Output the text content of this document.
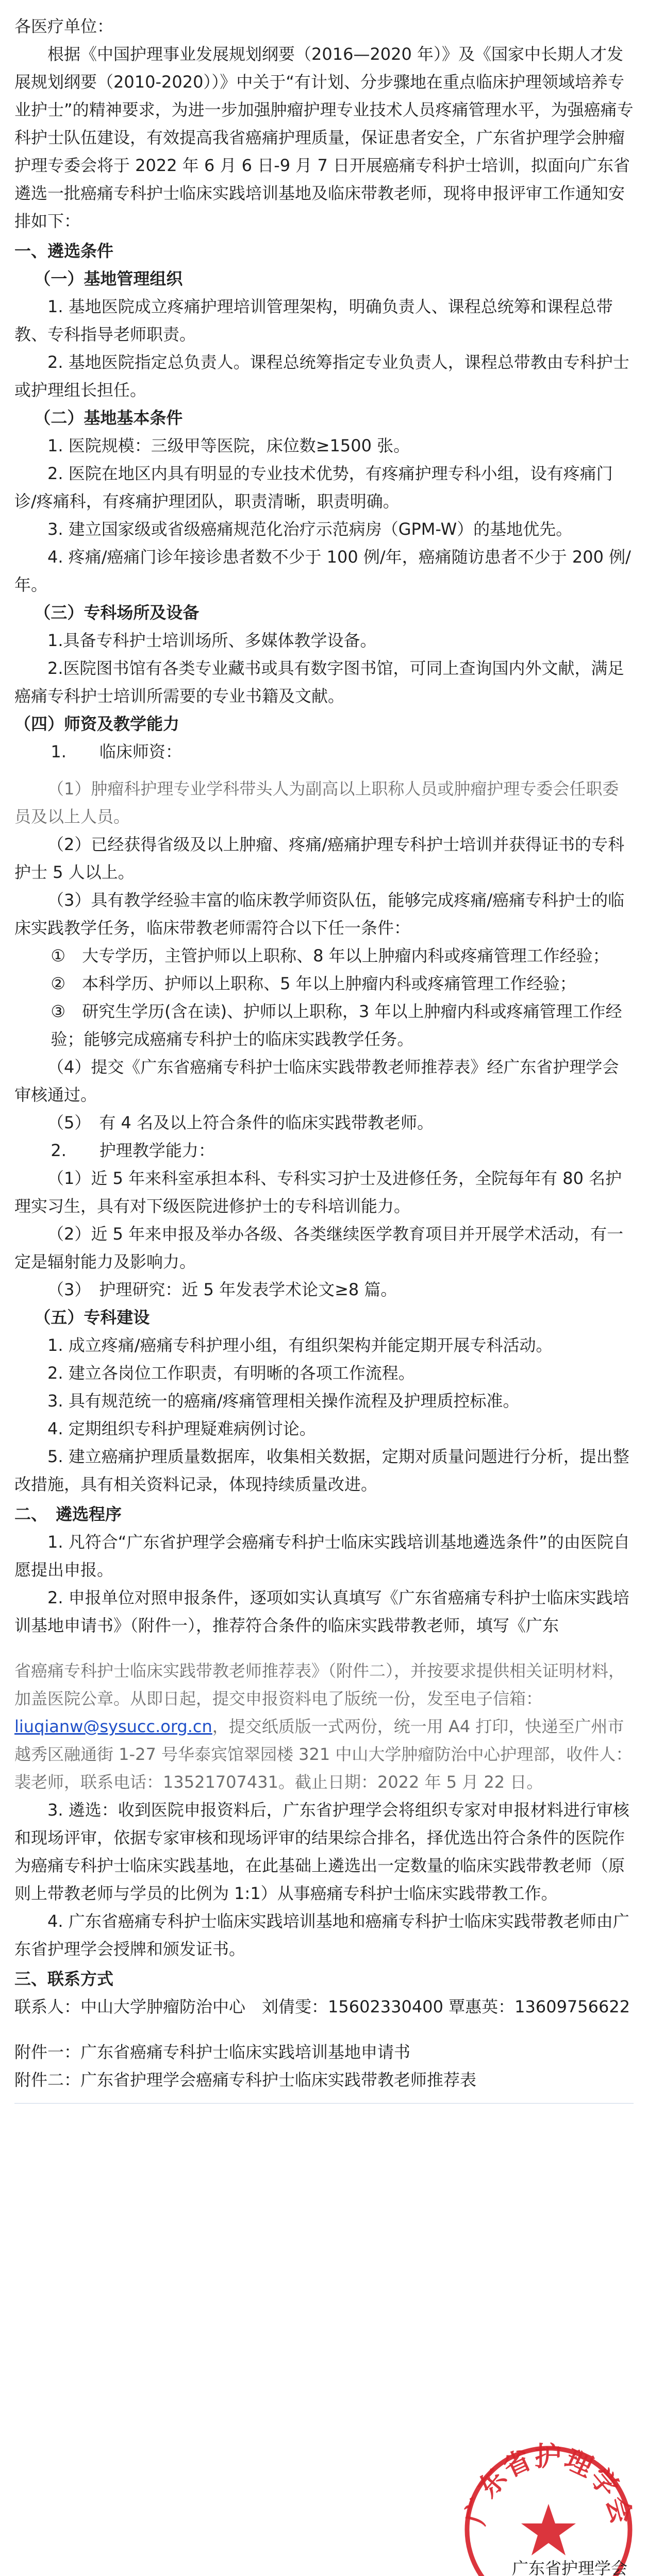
各医疗单位：

根据《中国护理事业发展规划纲要（2016—2020 年）》及《国家中长期人才发展规划纲要（2010-2020））》中关于“有计划、分步骤地在重点临床护理领域培养专业护士”的精神要求，为进一步加强肿瘤护理专业技术人员疼痛管理水平，为强癌痛专科护士队伍建设，有效提高我省癌痛护理质量，保证患者安全，广东省护理学会肿瘤护理专委会将于 2022 年 6 月 6 日-9 月 7 日开展癌痛专科护士培训，拟面向广东省遴选一批癌痛专科护士临床实践培训基地及临床带教老师，现将申报评审工作通知安排如下：

一、遴选条件

（一）基地管理组织

1. 基地医院成立疼痛护理培训管理架构，明确负责人、课程总统筹和课程总带教、专科指导老师职责。

2. 基地医院指定总负责人。课程总统筹指定专业负责人，课程总带教由专科护士或护理组长担任。

（二）基地基本条件

1. 医院规模：三级甲等医院，床位数≥1500 张。

2. 医院在地区内具有明显的专业技术优势，有疼痛护理专科小组，设有疼痛门诊/疼痛科，有疼痛护理团队，职责清晰，职责明确。

3. 建立国家级或省级癌痛规范化治疗示范病房（GPM-W）的基地优先。

4. 疼痛/癌痛门诊年接诊患者数不少于 100 例/年，癌痛随访患者不少于 200 例/年。

（三）专科场所及设备

1.具备专科护士培训场所、多媒体教学设备。

2.医院图书馆有各类专业藏书或具有数字图书馆，可同上查询国内外文献，满足癌痛专科护士培训所需要的专业书籍及文献。

（四）师资及教学能力

1.　　临床师资：

（1）肿瘤科护理专业学科带头人为副高以上职称人员或肿瘤护理专委会任职委员及以上人员。

（2）已经获得省级及以上肿瘤、疼痛/癌痛护理专科护士培训并获得证书的专科护士 5 人以上。

（3）具有教学经验丰富的临床教学师资队伍，能够完成疼痛/癌痛专科护士的临床实践教学任务，临床带教老师需符合以下任一条件：

①　大专学历，主管护师以上职称、8 年以上肿瘤内科或疼痛管理工作经验；

②　本科学历、护师以上职称、5 年以上肿瘤内科或疼痛管理工作经验；

③　研究生学历(含在读)、护师以上职称，3 年以上肿瘤内科或疼痛管理工作经验；能够完成癌痛专科护士的临床实践教学任务。

（4）提交《广东省癌痛专科护士临床实践带教老师推荐表》经广东省护理学会审核通过。

（5）　有 4 名及以上符合条件的临床实践带教老师。

2.　　护理教学能力：

（1）近 5 年来科室承担本科、专科实习护士及进修任务，全院每年有 80 名护理实习生，具有对下级医院进修护士的专科培训能力。

（2）近 5 年来申报及举办各级、各类继续医学教育项目并开展学术活动，有一定是辐射能力及影响力。

（3）　护理研究：近 5 年发表学术论文≥8 篇。

（五）专科建设

1. 成立疼痛/癌痛专科护理小组，有组织架构并能定期开展专科活动。

2. 建立各岗位工作职责，有明晰的各项工作流程。

3. 具有规范统一的癌痛/疼痛管理相关操作流程及护理质控标准。

4. 定期组织专科护理疑难病例讨论。

5. 建立癌痛护理质量数据库，收集相关数据，定期对质量问题进行分析，提出整改措施，具有相关资料记录，体现持续质量改进。

二、　遴选程序

1. 凡符合“广东省护理学会癌痛专科护士临床实践培训基地遴选条件”的由医院自愿提出申报。

2. 申报单位对照申报条件，逐项如实认真填写《广东省癌痛专科护士临床实践培训基地申请书》（附件一），推荐符合条件的临床实践带教老师，填写《广东

省癌痛专科护士临床实践带教老师推荐表》（附件二），并按要求提供相关证明材料，加盖医院公章。从即日起，提交申报资料电了版统一份，发至电子信箱：

liuqianw@sysucc.org.cn，提交纸质版一式两份，统一用 A4 打印，快递至广州市越秀区融通街 1-27 号华泰宾馆翠园楼 321 中山大学肿瘤防治中心护理部，收件人：裴老师，联系电话：13521707431。截止日期：2022 年 5 月 22 日。

3. 遴选：收到医院申报资料后，广东省护理学会将组织专家对申报材料进行审核和现场评审，依据专家审核和现场评审的结果综合排名，择优选出符合条件的医院作为癌痛专科护士临床实践基地，在此基础上遴选出一定数量的临床实践带教老师（原则上带教老师与学员的比例为 1:1）从事癌痛专科护士临床实践带教工作。

4. 广东省癌痛专科护士临床实践培训基地和癌痛专科护士临床实践带教老师由广东省护理学会授牌和颁发证书。

三、联系方式

联系人：中山大学肿瘤防治中心　刘倩雯：15602330400 覃惠英：13609756622

附件一：广东省癌痛专科护士临床实践培训基地申请书

附件二：广东省护理学会癌痛专科护士临床实践带教老师推荐表

广东省护理学会
广东省护理学会
